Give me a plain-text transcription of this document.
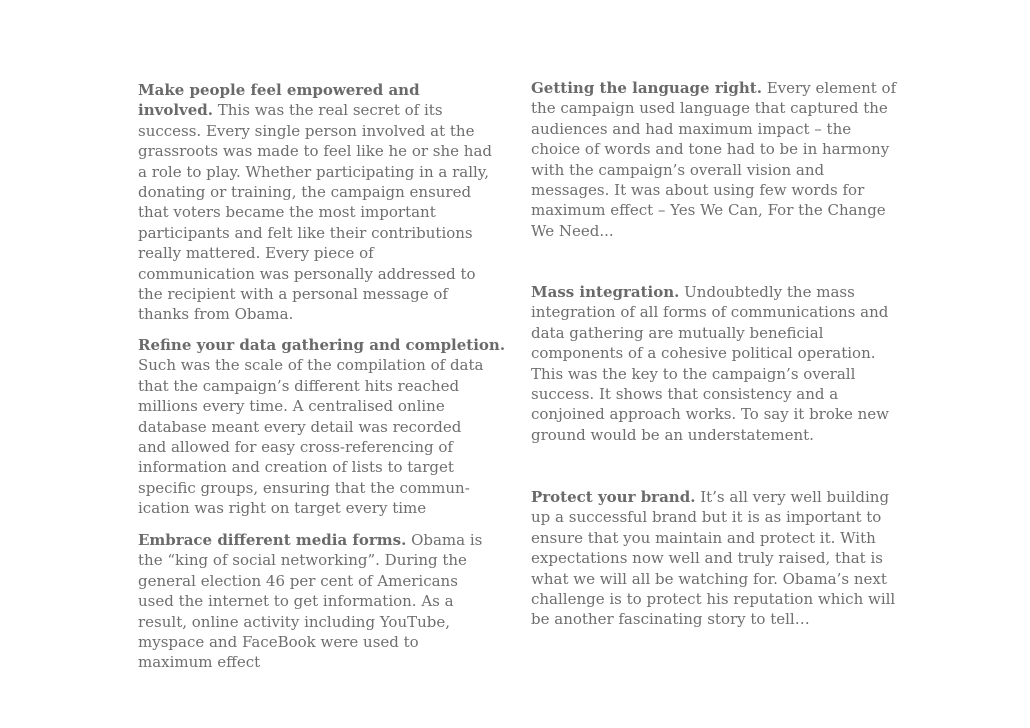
Make people feel empowered and
involved. This was the real secret of its
success. Every single person involved at the
grassroots was made to feel like he or she had
a role to play. Whether participating in a rally,
donating or training, the campaign ensured
that voters became the most important
participants and felt like their contributions
really mattered. Every piece of
communication was personally addressed to
the recipient with a personal message of
thanks from Obama.
Refine your data gathering and completion.
Such was the scale of the compilation of data
that the campaign’s different hits reached
millions every time. A centralised online
database meant every detail was recorded
and allowed for easy cross-referencing of
information and creation of lists to target
specific groups, ensuring that the commun-
ication was right on target every time
Embrace different media forms. Obama is
the “king of social networking”. During the
general election 46 per cent of Americans
used the internet to get information. As a
result, online activity including YouTube,
myspace and FaceBook were used to
maximum effect
Getting the language right. Every element of
the campaign used language that captured the
audiences and had maximum impact – the
choice of words and tone had to be in harmony
with the campaign’s overall vision and
messages. It was about using few words for
maximum effect – Yes We Can, For the Change
We Need...
Mass integration. Undoubtedly the mass
integration of all forms of communications and
data gathering are mutually beneficial
components of a cohesive political operation.
This was the key to the campaign’s overall
success. It shows that consistency and a
conjoined approach works. To say it broke new
ground would be an understatement.
Protect your brand. It’s all very well building
up a successful brand but it is as important to
ensure that you maintain and protect it. With
expectations now well and truly raised, that is
what we will all be watching for. Obama’s next
challenge is to protect his reputation which will
be another fascinating story to tell…
